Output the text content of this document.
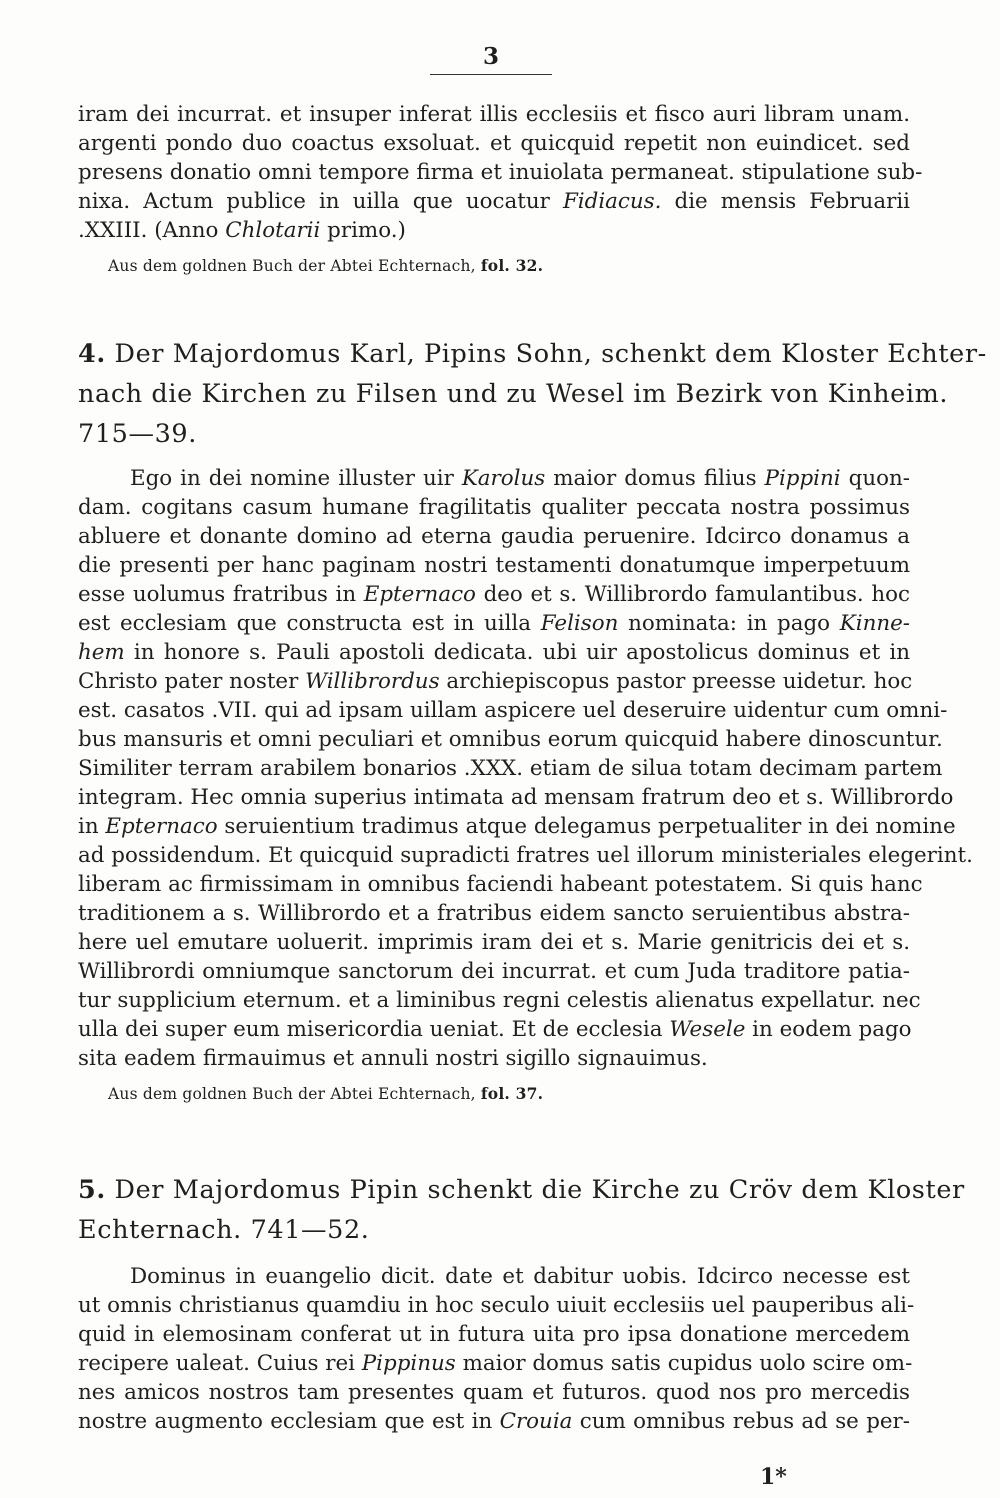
3
iram dei incurrat. et insuper inferat illis ecclesiis et fisco auri libram unam.
argenti pondo duo coactus exsoluat. et quicquid repetit non euindicet. sed
presens donatio omni tempore firma et inuiolata permaneat. stipulatione sub-
nixa. Actum publice in uilla que uocatur Fidiacus. die mensis Februarii
.XXIII. (Anno Chlotarii primo.)
Aus dem goldnen Buch der Abtei Echternach, fol. 32.
4. Der Majordomus Karl, Pipins Sohn, schenkt dem Kloster Echter-
nach die Kirchen zu Filsen und zu Wesel im Bezirk von Kinheim.
715—39.
Ego in dei nomine illuster uir Karolus maior domus filius Pippini quon-
dam. cogitans casum humane fragilitatis qualiter peccata nostra possimus
abluere et donante domino ad eterna gaudia peruenire. Idcirco donamus a
die presenti per hanc paginam nostri testamenti donatumque imperpetuum
esse uolumus fratribus in Epternaco deo et s. Willibrordo famulantibus. hoc
est ecclesiam que constructa est in uilla Felison nominata: in pago Kinne-
hem in honore s. Pauli apostoli dedicata. ubi uir apostolicus dominus et in
Christo pater noster Willibrordus archiepiscopus pastor preesse uidetur. hoc
est. casatos .VII. qui ad ipsam uillam aspicere uel deseruire uidentur cum omni-
bus mansuris et omni peculiari et omnibus eorum quicquid habere dinoscuntur.
Similiter terram arabilem bonarios .XXX. etiam de silua totam decimam partem
integram. Hec omnia superius intimata ad mensam fratrum deo et s. Willibrordo
in Epternaco seruientium tradimus atque delegamus perpetualiter in dei nomine
ad possidendum. Et quicquid supradicti fratres uel illorum ministeriales elegerint.
liberam ac firmissimam in omnibus faciendi habeant potestatem. Si quis hanc
traditionem a s. Willibrordo et a fratribus eidem sancto seruientibus abstra-
here uel emutare uoluerit. imprimis iram dei et s. Marie genitricis dei et s.
Willibrordi omniumque sanctorum dei incurrat. et cum Juda traditore patia-
tur supplicium eternum. et a liminibus regni celestis alienatus expellatur. nec
ulla dei super eum misericordia ueniat. Et de ecclesia Wesele in eodem pago
sita eadem firmauimus et annuli nostri sigillo signauimus.
Aus dem goldnen Buch der Abtei Echternach, fol. 37.
5. Der Majordomus Pipin schenkt die Kirche zu Cröv dem Kloster
Echternach. 741—52.
Dominus in euangelio dicit. date et dabitur uobis. Idcirco necesse est
ut omnis christianus quamdiu in hoc seculo uiuit ecclesiis uel pauperibus ali-
quid in elemosinam conferat ut in futura uita pro ipsa donatione mercedem
recipere ualeat. Cuius rei Pippinus maior domus satis cupidus uolo scire om-
nes amicos nostros tam presentes quam et futuros. quod nos pro mercedis
nostre augmento ecclesiam que est in Crouia cum omnibus rebus ad se per-
1*
